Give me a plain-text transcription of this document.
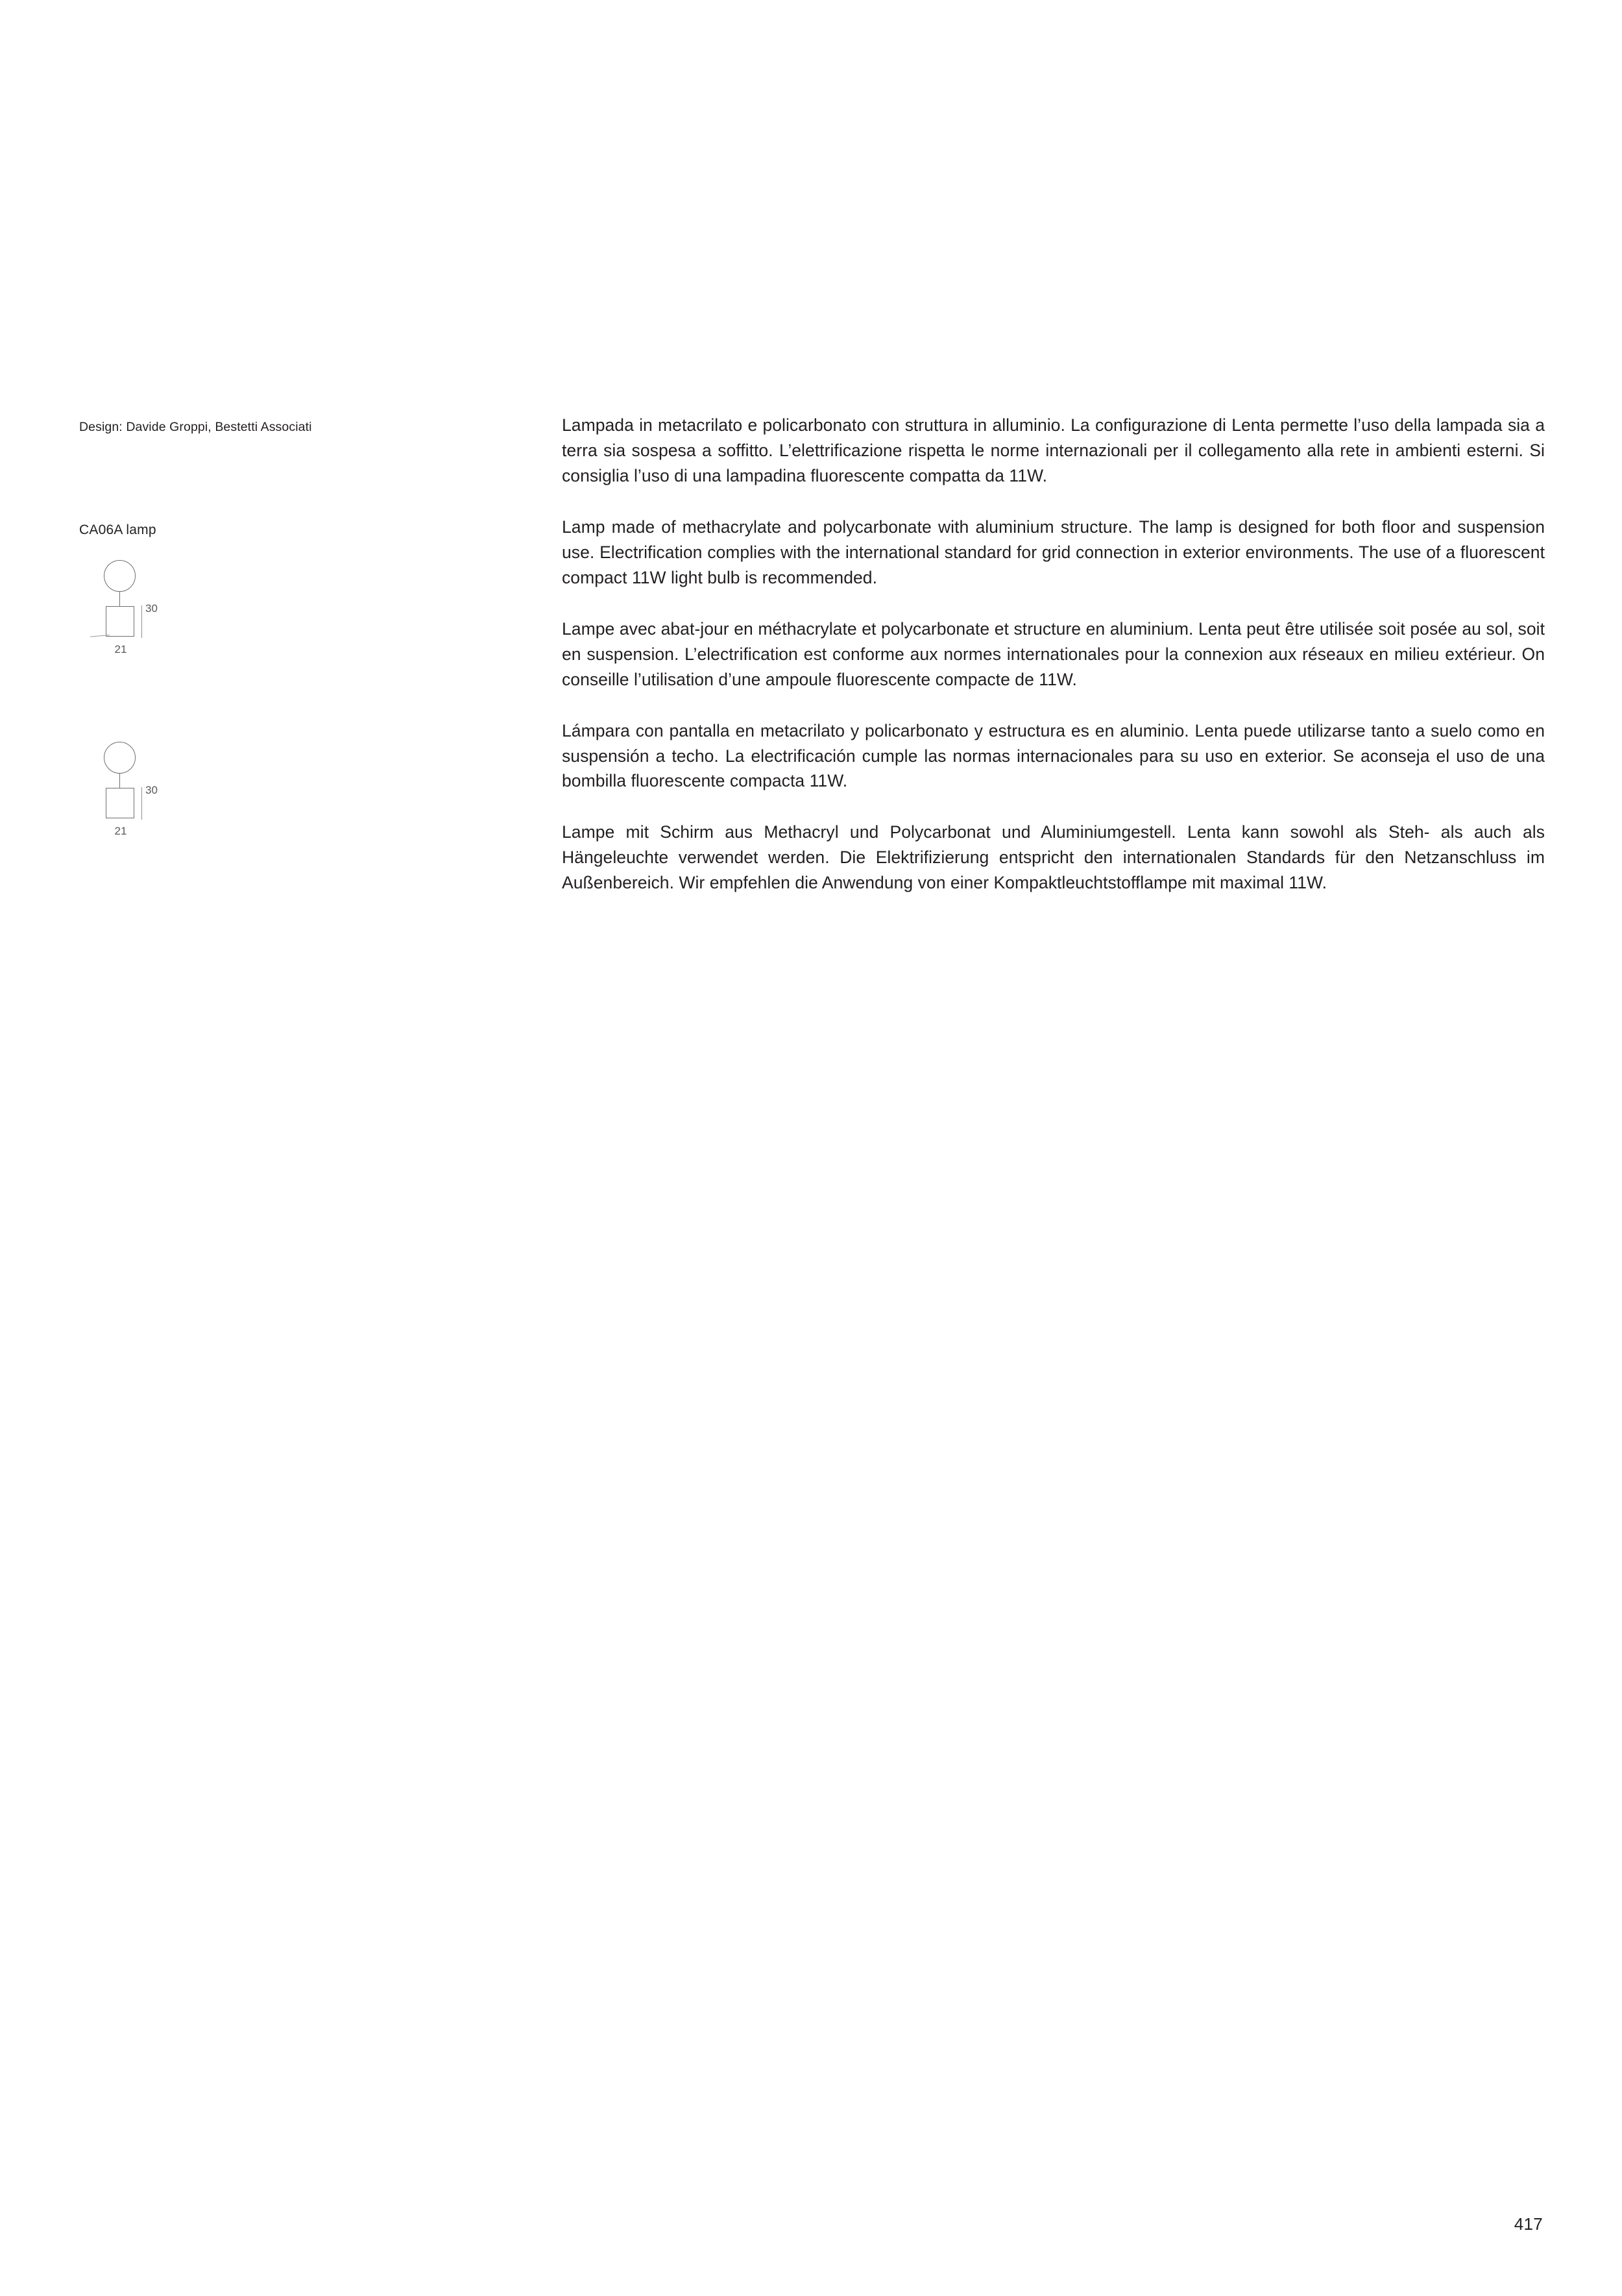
Design: Davide Groppi, Bestetti Associati
CA06A lamp
30
21
30
21

Lampada in metacrilato e policarbonato con struttura in alluminio. La configurazione di Lenta permette l’uso della lampada sia a terra sia sospesa a soffitto. L’elettrificazione rispetta le norme internazionali per il collegamento alla rete in ambienti esterni. Si consiglia l’uso di una lampadina fluorescente compatta da 11W.

Lamp made of methacrylate and polycarbonate with aluminium structure. The lamp is designed for both floor and suspension use. Electrification complies with the international standard for grid connection in exterior environments. The use of a fluorescent compact 11W light bulb is recommended.

Lampe avec abat-jour en méthacrylate et polycarbonate et structure en aluminium. Lenta peut être utilisée soit posée au sol, soit en suspension. L’electrification est conforme aux normes internationales pour la connexion aux réseaux en milieu extérieur. On conseille l’utilisation d’une ampoule fluorescente compacte de 11W.

Lámpara con pantalla en metacrilato y policarbonato y estructura es en aluminio. Lenta puede utilizarse tanto a suelo como en suspensión a techo. La electrificación cumple las normas internacionales para su uso en exterior. Se aconseja el uso de una bombilla fluorescente compacta 11W.

Lampe mit Schirm aus Methacryl und Polycarbonat und Aluminiumgestell. Lenta kann sowohl als Steh- als auch als Hängeleuchte verwendet werden. Die Elektrifizierung entspricht den internationalen Standards für den Netzanschluss im Außenbereich. Wir empfehlen die Anwendung von einer Kompaktleuchtstofflampe mit maximal 11W.

417
